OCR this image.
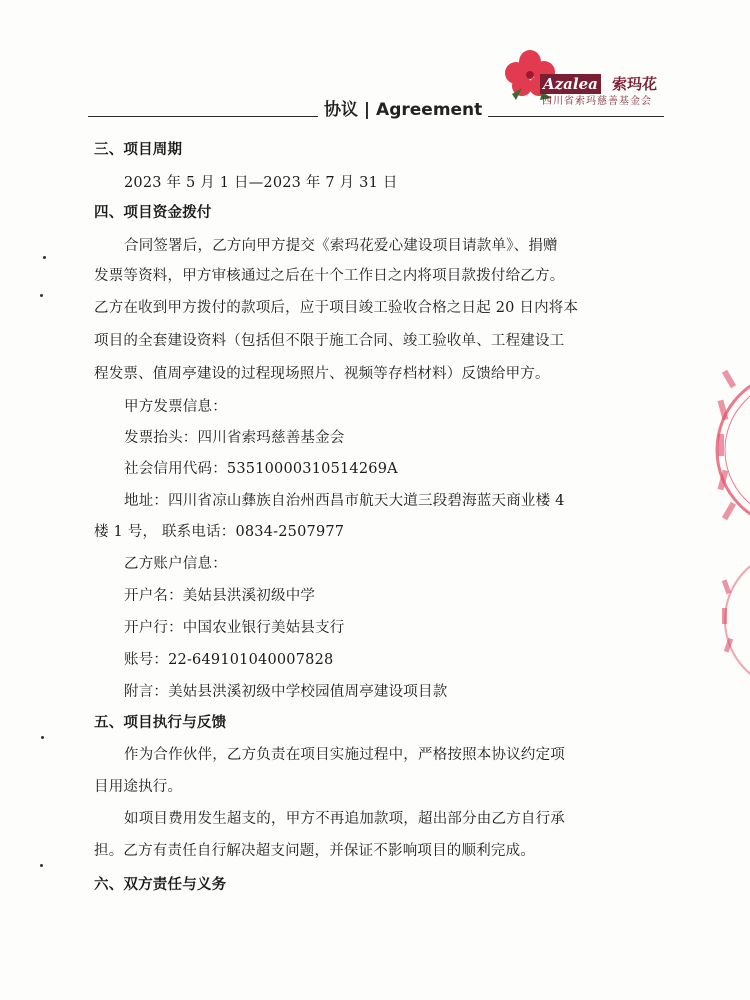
协议 | Agreement
Azalea 索玛花
四川省索玛慈善基金会
三、项目周期
2023 年 5 月 1 日—2023 年 7 月 31 日
四、项目资金拨付
合同签署后，乙方向甲方提交《索玛花爱心建设项目请款单》、捐赠
发票等资料，甲方审核通过之后在十个工作日之内将项目款拨付给乙方。
乙方在收到甲方拨付的款项后，应于项目竣工验收合格之日起 20 日内将本
项目的全套建设资料（包括但不限于施工合同、竣工验收单、工程建设工
程发票、值周亭建设的过程现场照片、视频等存档材料）反馈给甲方。
甲方发票信息：
发票抬头：四川省索玛慈善基金会
社会信用代码：53510000310514269A
地址：四川省凉山彝族自治州西昌市航天大道三段碧海蓝天商业楼 4
楼 1 号， 联系电话：0834-2507977
乙方账户信息：
开户名：美姑县洪溪初级中学
开户行：中国农业银行美姑县支行
账号：22-649101040007828
附言：美姑县洪溪初级中学校园值周亭建设项目款
五、项目执行与反馈
作为合作伙伴，乙方负责在项目实施过程中，严格按照本协议约定项
目用途执行。
如项目费用发生超支的，甲方不再追加款项，超出部分由乙方自行承
担。乙方有责任自行解决超支问题，并保证不影响项目的顺利完成。
六、双方责任与义务
